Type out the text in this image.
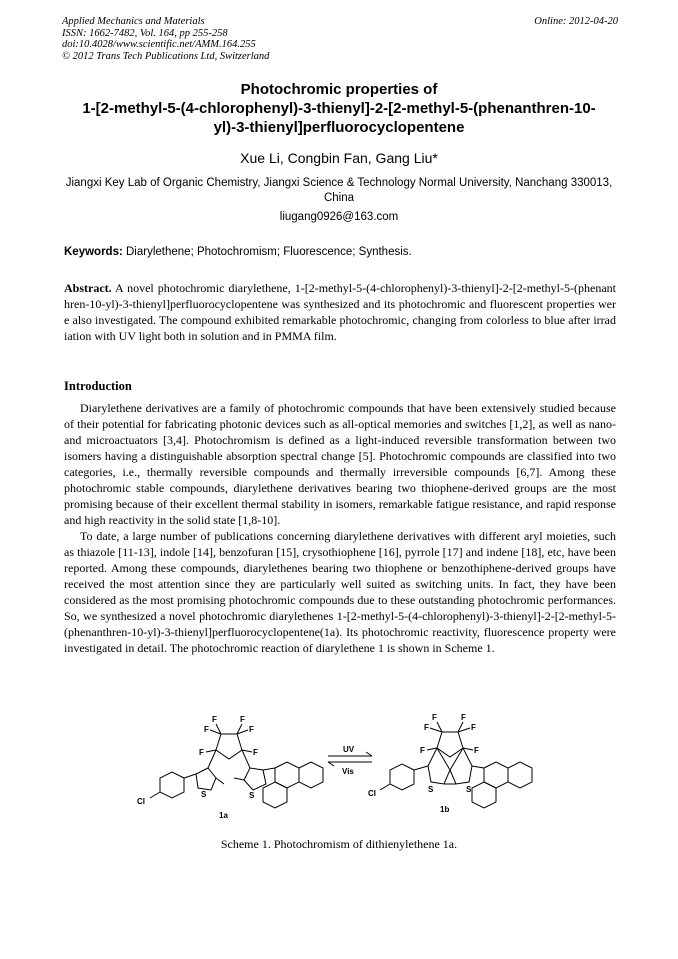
Applied Mechanics and Materials
ISSN: 1662-7482, Vol. 164, pp 255-258
doi:10.4028/www.scientific.net/AMM.164.255
© 2012 Trans Tech Publications Ltd, Switzerland
Online: 2012-04-20
Photochromic properties of
1-[2-methyl-5-(4-chlorophenyl)-3-thienyl]-2-[2-methyl-5-(phenanthren-10-
yl)-3-thienyl]perfluorocyclopentene
Xue Li, Congbin Fan, Gang Liu*
Jiangxi Key Lab of Organic Chemistry, Jiangxi Science & Technology Normal University, Nanchang 330013, China
liugang0926@163.com
Keywords: Diarylethene; Photochromism; Fluorescence; Synthesis.
Abstract. A novel photochromic diarylethene, 1-[2-methyl-5-(4-chlorophenyl)-3-thienyl]-2-[2-methyl-5-(phenanthren-10-yl)-3-thienyl]perfluorocyclopentene was synthesized and its photochromic and fluorescent properties were also investigated. The compound exhibited remarkable photochromic, changing from colorless to blue after irradiation with UV light both in solution and in PMMA film.
Introduction

Diarylethene derivatives are a family of photochromic compounds that have been extensively studied because of their potential for fabricating photonic devices such as all-optical memories and switches [1,2], as well as nano- and microactuators [3,4]. Photochromism is defined as a light-induced reversible transformation between two isomers having a distinguishable absorption spectral change [5]. Photochromic compounds are classified into two categories, i.e., thermally reversible compounds and thermally irreversible compounds [6,7]. Among these photochromic stable compounds, diarylethene derivatives bearing two thiophene-derived groups are the most promising because of their excellent thermal stability in isomers, remarkable fatigue resistance, and rapid response and high reactivity in the solid state [1,8-10].

To date, a large number of publications concerning diarylethene derivatives with different aryl moieties, such as thiazole [11-13], indole [14], benzofuran [15], crysothiophene [16], pyrrole [17] and indene [18], etc, have been reported. Among these compounds, diarylethenes bearing two thiophene or benzothiphene-derived groups have received the most attention since they are particularly well suited as switching units. In fact, they have been considered as the most promising photochromic compounds due to these outstanding photochromic performances. So, we synthesized a novel photochromic diarylethenes 1-[2-methyl-5-(4-chlorophenyl)-3-thienyl]-2-[2-methyl-5-(phenanthren-10-yl)-3-thienyl]perfluorocyclopentene(1a). Its photochromic reactivity, fluorescence property were investigated in detail. The photochromic reaction of diarylethene 1 is shown in Scheme 1.

F
F
F
F
F	F
S	S
Cl
UV
Vis
1a
F
F
F
F
F	F
S	S
Cl
1b
Scheme 1. Photochromism of dithienylethene 1a.
